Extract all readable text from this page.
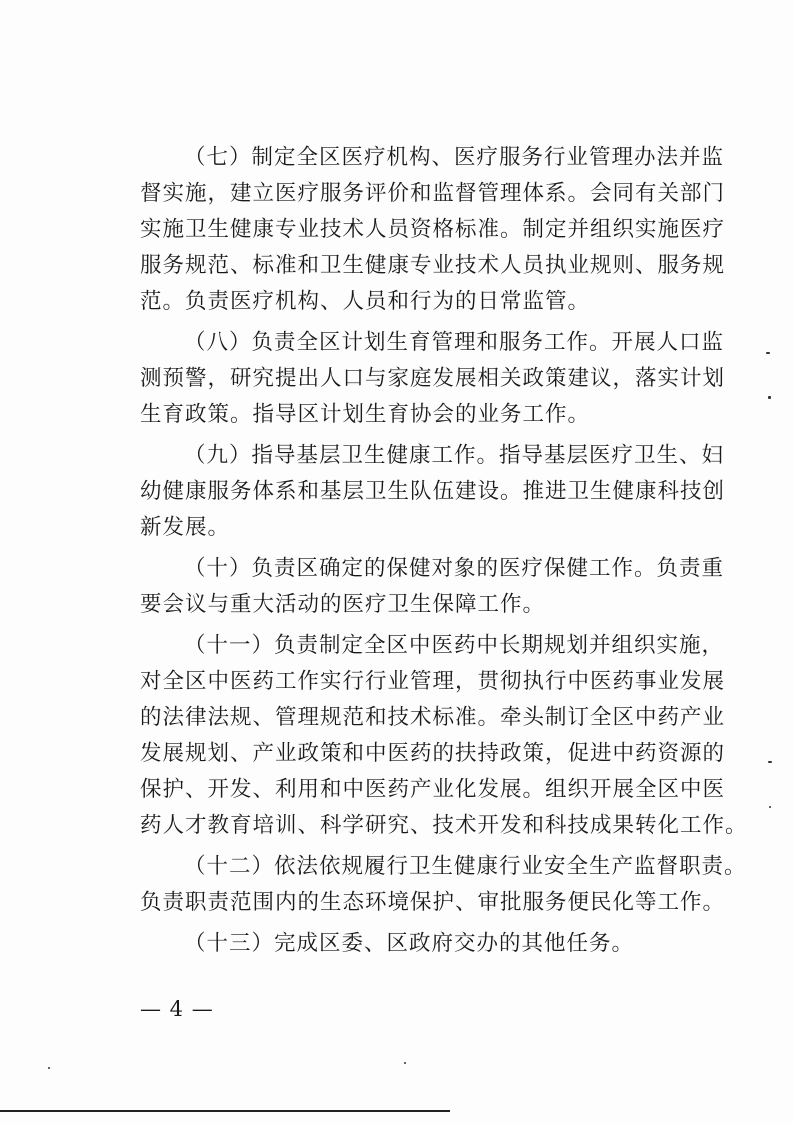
（七）制定全区医疗机构、医疗服务行业管理办法并监
督实施，建立医疗服务评价和监督管理体系。会同有关部门
实施卫生健康专业技术人员资格标准。制定并组织实施医疗
服务规范、标准和卫生健康专业技术人员执业规则、服务规
范。负责医疗机构、人员和行为的日常监管。
（八）负责全区计划生育管理和服务工作。开展人口监
测预警，研究提出人口与家庭发展相关政策建议，落实计划
生育政策。指导区计划生育协会的业务工作。
（九）指导基层卫生健康工作。指导基层医疗卫生、妇
幼健康服务体系和基层卫生队伍建设。推进卫生健康科技创
新发展。
（十）负责区确定的保健对象的医疗保健工作。负责重
要会议与重大活动的医疗卫生保障工作。
（十一）负责制定全区中医药中长期规划并组织实施，
对全区中医药工作实行行业管理，贯彻执行中医药事业发展
的法律法规、管理规范和技术标准。牵头制订全区中药产业
发展规划、产业政策和中医药的扶持政策，促进中药资源的
保护、开发、利用和中医药产业化发展。组织开展全区中医
药人才教育培训、科学研究、技术开发和科技成果转化工作。
（十二）依法依规履行卫生健康行业安全生产监督职责。
负责职责范围内的生态环境保护、审批服务便民化等工作。
（十三）完成区委、区政府交办的其他任务。
— 4 —
